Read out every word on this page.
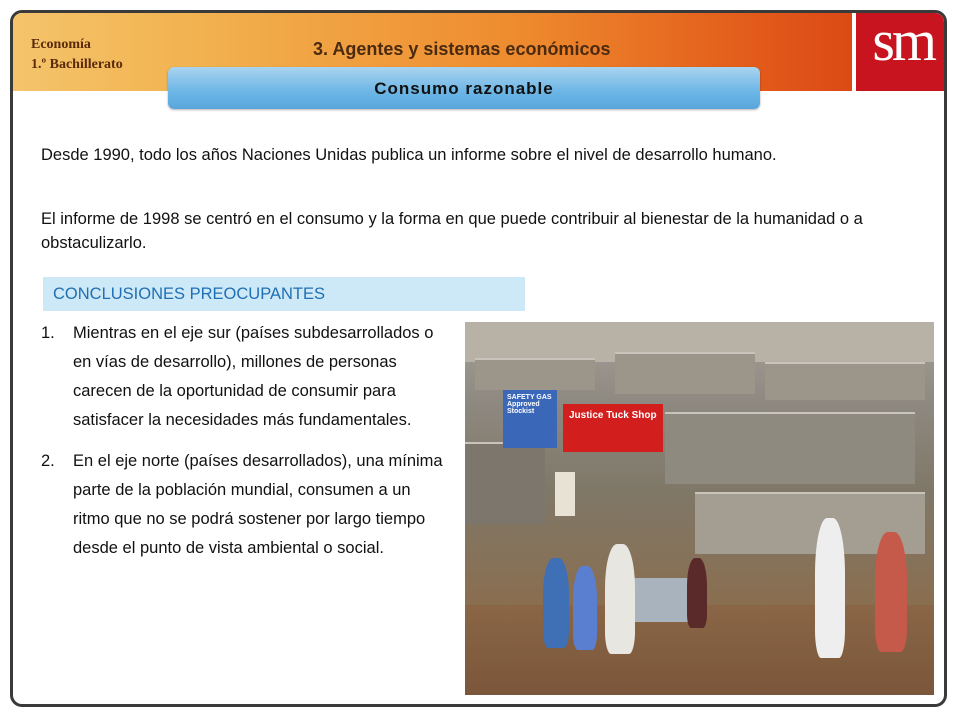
Economía
1.º Bachillerato
3. Agentes y sistemas económicos	sm
Consumo razonable
Desde 1990, todo los años Naciones Unidas publica un informe sobre el nivel de desarrollo humano.
El informe de 1998 se centró en el consumo y la forma en que puede contribuir al bienestar de la humanidad o a obstaculizarlo.
CONCLUSIONES PREOCUPANTES
1.	Mientras en el eje sur (países subdesarrollados o en vías de desarrollo), millones de personas carecen de la oportunidad de consumir para satisfacer la necesidades más fundamentales.
2.	En el eje norte (países desarrollados), una mínima parte de la población mundial, consumen a un ritmo que no se podrá sostener por largo tiempo desde el punto de vista ambiental o social.
SAFETY GAS Approved Stockist	Justice Tuck Shop
